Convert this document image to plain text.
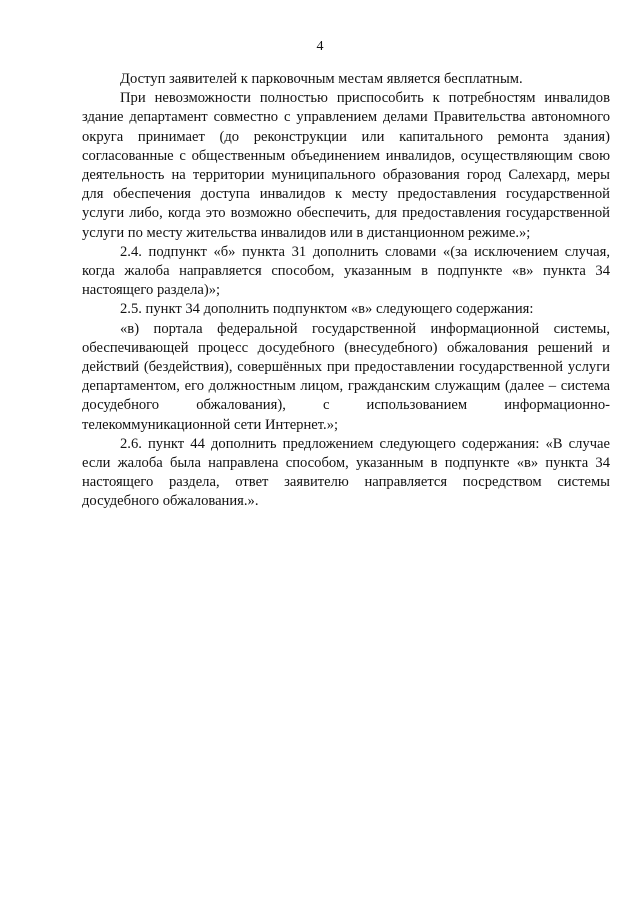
4

Доступ заявителей к парковочным местам является бесплатным.

При невозможности полностью приспособить к потребностям инвалидов здание департамент совместно с управлением делами Правительства автономного округа принимает (до реконструкции или капитального ремонта здания) согласованные с общественным объединением инвалидов, осуществляющим свою деятельность на территории муниципального образования город Салехард, меры для обеспечения доступа инвалидов к месту предоставления государственной услуги либо, когда это возможно обеспечить, для предоставления государственной услуги по месту жительства инвалидов или в дистанционном режиме.»;

2.4. подпункт «б» пункта 31 дополнить словами «(за исключением случая, когда жалоба направляется способом, указанным в подпункте «в» пункта 34 настоящего раздела)»;

2.5. пункт 34 дополнить подпунктом «в» следующего содержания:

«в) портала федеральной государственной информационной системы, обеспечивающей процесс досудебного (внесудебного) обжалования решений и действий (бездействия), совершённых при предоставлении государственной услуги департаментом, его должностным лицом, гражданским служащим (далее – система досудебного обжалования), с использованием информационно-телекоммуникационной сети Интернет.»;

2.6. пункт 44 дополнить предложением следующего содержания: «В случае если жалоба была направлена способом, указанным в подпункте «в» пункта 34 настоящего раздела, ответ заявителю направляется посредством системы досудебного обжалования.».
